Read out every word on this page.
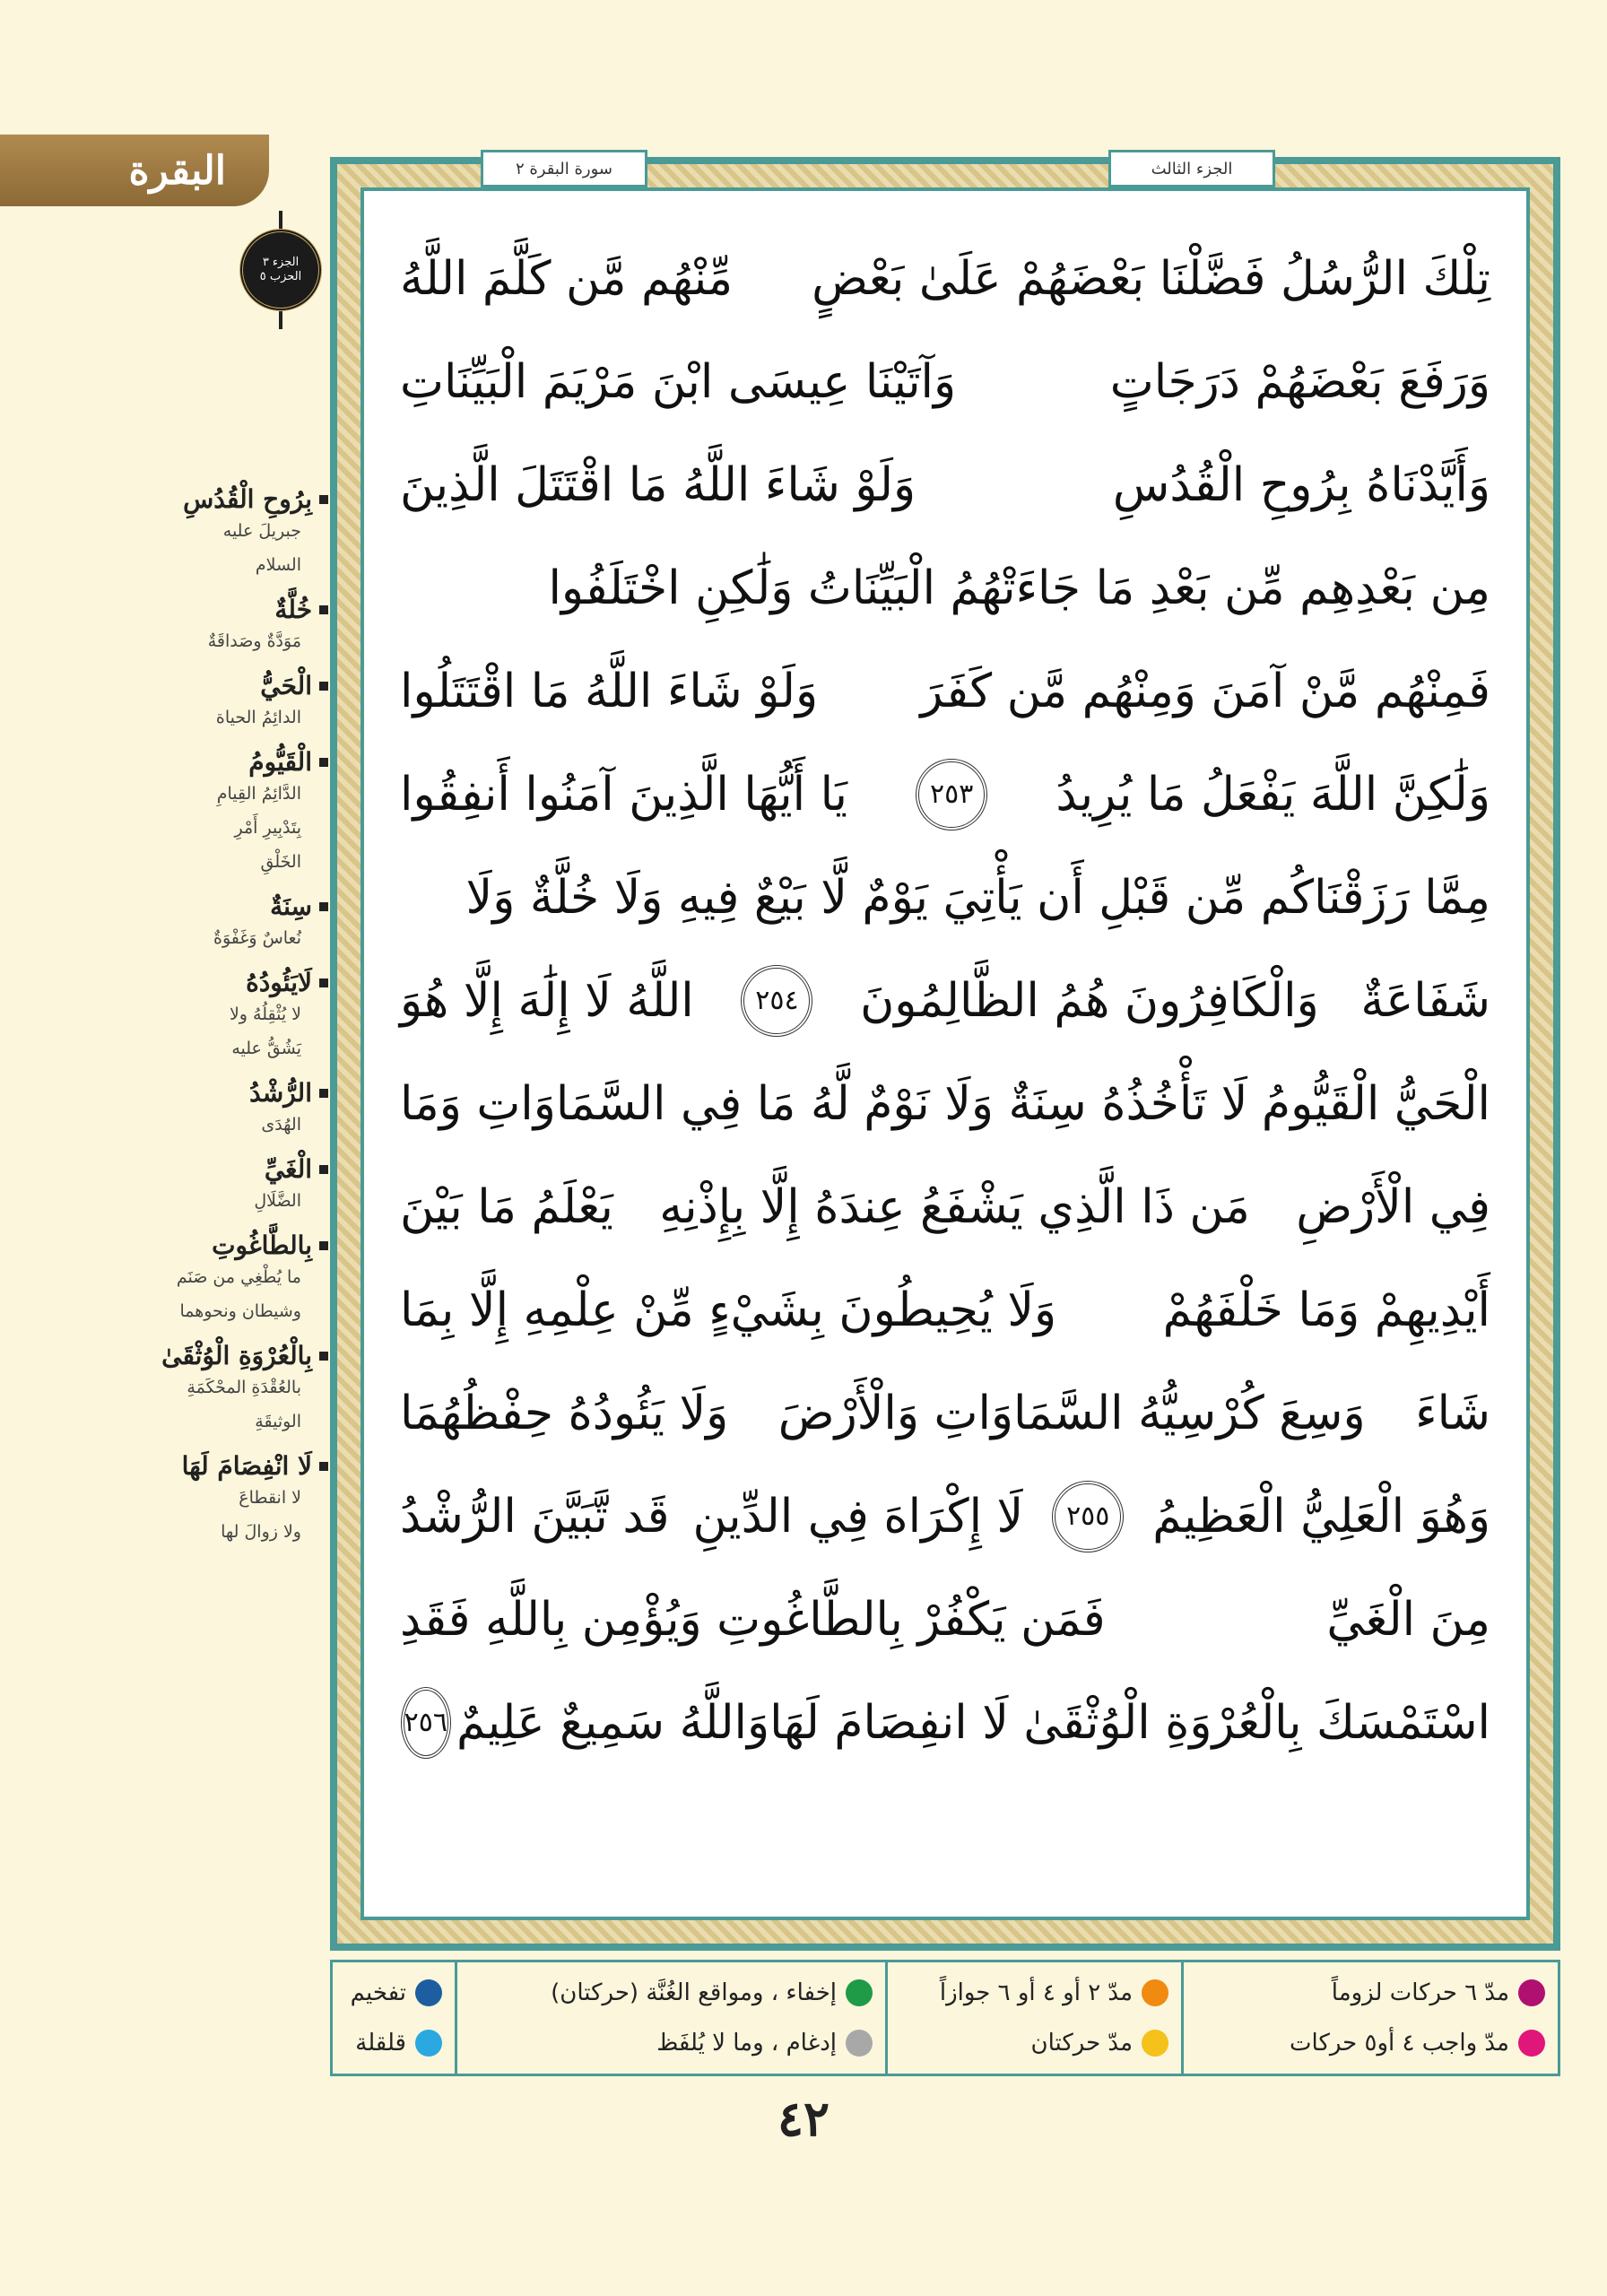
البقرة
الجزء ٣
الحزب ٥
بِرُوحِ الْقُدُسِ
جبريلَ عليه
السلام
خُلَّةٌ
مَوَدَّةٌ وصَداقَةٌ
الْحَيُّ
الدائِمُ الحياة
الْقَيُّومُ
الدَّائِمُ القِيامِ
بِتَدْبِيرِ أَمْرِ
الخَلْقِ
سِنَةٌ
نُعاسٌ وَغَفْوَةٌ
لَايَئُودُهُ
لا يُثْقِلُهُ ولا
يَشُقُّ عليه
الرُّشْدُ
الهُدَى
الْغَيِّ
الضَّلَالِ
بِالطَّاغُوتِ
ما يُطْغِي من صَنَم
وشيطان ونحوهما
بِالْعُرْوَةِ الْوُثْقَىٰ
بالعُقْدَةِ المحْكَمَةِ
الوثيقَةِ
لَا انْفِصَامَ لَهَا
لا انقطاعَ
ولا زوالَ لها
الجزء الثالث
سورة البقرة ٢
تِلْكَ الرُّسُلُ فَضَّلْنَا بَعْضَهُمْ عَلَىٰ بَعْضٍ
مِّنْهُم مَّن كَلَّمَ اللَّهُ
وَرَفَعَ بَعْضَهُمْ دَرَجَاتٍ
وَآتَيْنَا عِيسَى ابْنَ مَرْيَمَ الْبَيِّنَاتِ
وَأَيَّدْنَاهُ بِرُوحِ الْقُدُسِ
وَلَوْ شَاءَ اللَّهُ مَا اقْتَتَلَ الَّذِينَ
مِن بَعْدِهِم مِّن بَعْدِ مَا جَاءَتْهُمُ الْبَيِّنَاتُ وَلَٰكِنِ اخْتَلَفُوا
فَمِنْهُم مَّنْ آمَنَ وَمِنْهُم مَّن كَفَرَ
وَلَوْ شَاءَ اللَّهُ مَا اقْتَتَلُوا
وَلَٰكِنَّ اللَّهَ يَفْعَلُ مَا يُرِيدُ
٢٥٣
يَا أَيُّهَا الَّذِينَ آمَنُوا أَنفِقُوا
مِمَّا رَزَقْنَاكُم مِّن قَبْلِ أَن يَأْتِيَ يَوْمٌ لَّا بَيْعٌ فِيهِ وَلَا خُلَّةٌ وَلَا
شَفَاعَةٌ
وَالْكَافِرُونَ هُمُ الظَّالِمُونَ
٢٥٤
اللَّهُ لَا إِلَٰهَ إِلَّا هُوَ
الْحَيُّ الْقَيُّومُ
لَا تَأْخُذُهُ سِنَةٌ وَلَا نَوْمٌ
لَّهُ مَا فِي السَّمَاوَاتِ وَمَا
فِي الْأَرْضِ
مَن ذَا الَّذِي يَشْفَعُ عِندَهُ إِلَّا بِإِذْنِهِ
يَعْلَمُ مَا بَيْنَ
أَيْدِيهِمْ وَمَا خَلْفَهُمْ
وَلَا يُحِيطُونَ بِشَيْءٍ مِّنْ عِلْمِهِ إِلَّا بِمَا
شَاءَ
وَسِعَ كُرْسِيُّهُ السَّمَاوَاتِ وَالْأَرْضَ
وَلَا يَئُودُهُ حِفْظُهُمَا
وَهُوَ الْعَلِيُّ الْعَظِيمُ
٢٥٥
لَا إِكْرَاهَ فِي الدِّينِ
قَد تَّبَيَّنَ الرُّشْدُ
مِنَ الْغَيِّ
فَمَن يَكْفُرْ بِالطَّاغُوتِ وَيُؤْمِن بِاللَّهِ فَقَدِ
اسْتَمْسَكَ بِالْعُرْوَةِ الْوُثْقَىٰ لَا انفِصَامَ لَهَا
وَاللَّهُ سَمِيعٌ عَلِيمٌ
٢٥٦
مدّ ٦ حركات لزوماً
مدّ واجب ٤ أو٥ حركات
مدّ ٢ أو ٤ أو ٦ جوازاً
مدّ حركتان
إخفاء ، ومواقع الغُنَّة (حركتان)
إدغام ، وما لا يُلفَظ
تفخيم
قلقلة
٤٢
